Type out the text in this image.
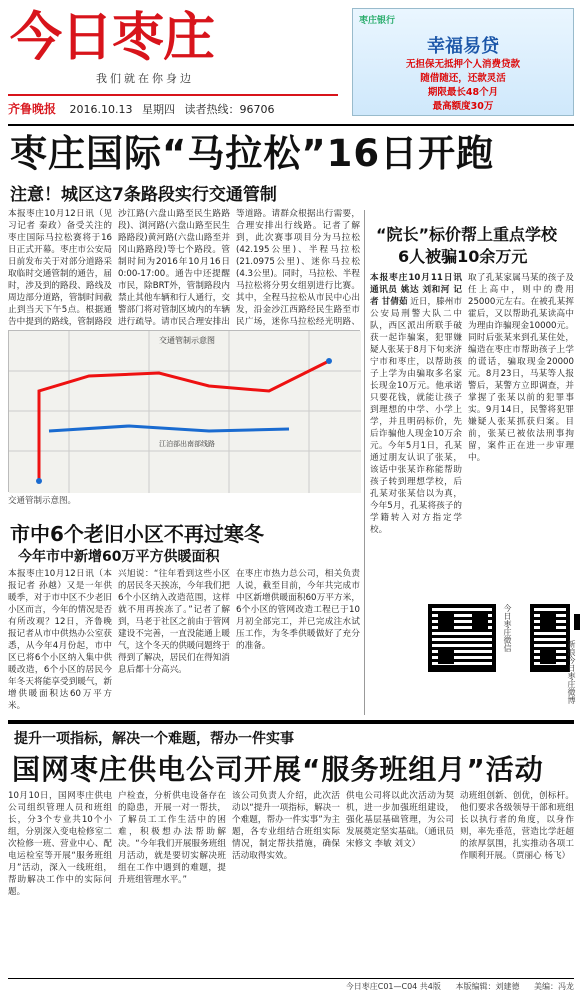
今日枣庄
我们就在你身边
齐鲁晚报 2016.10.13 星期四 读者热线：96706
枣庄银行
幸福易贷
无担保无抵押个人消费贷款
随借随还，还款灵活
期限最长48个月
最高额度30万
枣庄国际“马拉松”16日开跑
注意！城区这7条路段实行交通管制
本报枣庄10月12日讯（见习记者 秦政）备受关注的枣庄国际马拉松赛将于16日正式开幕。枣庄市公安局日前发布关于对部分道路采取临时交通管制的通告，届时，涉及到的路段、路线及周边部分道路，管制时间截止到当天下午5点。根据通告中提到的路线，管制路段
沙江路(六盘山路至民生路路段)、浏河路(六盘山路至民生路路段)黄河路(六盘山路至并冈山路路段)等七个路段。管制时间为2016年10月16日0:00-17:00。通告中还提醒市民，除BRT外，管制路段内禁止其他车辆和行人通行，交警部门将对管制区域内的车辆进行疏导。请市民合理安排出
等道路。请群众根据出行需要，合理安排出行线路。记者了解到，此次赛事项目分为马拉松(42.195公里)、半程马拉松(21.0975公里)、迷你马拉松(4.3公里)。同时，马拉松、半程马拉松将分男女组别进行比赛。其中，全程马拉松从市民中心出发，沿金沙江西路经民生路至市民广场，迷你马拉松经光明路、
交通管制示意图
江泊部出南部线路
交通管制示意图。
“院长”标价帮上重点学校
6人被骗10余万元
本报枣庄10月11日讯 通讯员 姚达 刘和河 记者 甘倩茹 近日，滕州市公安局刑警大队二中队，西区派出所联手破获一起诈骗案，犯罪嫌疑人张某于8月下旬来济宁市和枣庄，以帮助孩子上学为由骗取多名家长现金10万元。他承诺只要花钱，就能让孩子到理想的中学、小学上学，并且明码标价，先后诈骗他人现金10万余元。今年5月1日，孔某通过朋友认识了张某，该话中张某诈称能帮助孩子转到理想学校，后孔某对张某信以为真，今年5月，孔某将孩子的学籍转入对方指定学校。
取了孔某家属马某的孩子及任上高中，则中的费用25000元左右。在被孔某挥霍后，又以帮助孔某读高中为理由诈骗现金10000元。同时后张某来到孔某住处，编造在枣庄市帮助孩子上学的谎话，骗取现金20000元。8月23日，马某等人报警后，某警方立即调查，并掌握了张某以前的犯罪事实。9月14日，民警将犯罪嫌疑人张某抓获归案。目前，张某已被依法刑事拘留，案件正在进一步审理中。
今日枣庄微信
新浪今日枣庄微博
市中6个老旧小区不再过寒冬
今年市中新增60万平方供暖面积
本报枣庄10月12日讯（本报记者 孙越）又是一年供暖季，对于市中区不少老旧小区而言，今年的情况是否有所改观？12日，齐鲁晚报记者从市中供热办公室获悉，从今年4月份起，市中区已将6个小区纳入集中供暖改造，6个小区的居民今年冬天将能享受到暖气，新增供暖面积达60万平方米。
兴旭说：“往年看到这些小区的居民冬天挨冻，今年我们把6个小区纳入改造范围，这样就不用再挨冻了。”记者了解到，马老于社区之前由于管网建设不完善，一直没能通上暖气，这个冬天的供暖问题终于得到了解决，居民们在得知消息后都十分高兴。
在枣庄市热力总公司，相关负责人说，截至目前，今年共完成市中区新增供暖面积60万平方米，6个小区的管网改造工程已于10月初全部完工，并已完成注水试压工作，为冬季供暖做好了充分的准备。
提升一项指标，解决一个难题，帮办一件实事
国网枣庄供电公司开展“服务班组月”活动
10月10日，国网枣庄供电公司组织管理人员和班组长，分3个专业共10个小组，分别深入变电检修室二次检修一班、营业中心、配电运检室等开展“服务班组月”活动，深入一线班组，帮助解决工作中的实际问题。
户检查，分析供电设备存在的隐患，开展一对一帮扶，了解员工工作生活中的困难，积极想办法帮助解决。“今年我们开展服务班组月活动，就是要切实解决班组在工作中遇到的难题，提升班组管理水平。”
该公司负责人介绍，此次活动以“提升一项指标，解决一个难题，帮办一件实事”为主题，各专业组结合班组实际情况，制定帮扶措施，确保活动取得实效。
供电公司将以此次活动为契机，进一步加强班组建设，强化基层基础管理，为公司发展奠定坚实基础。（通讯员 宋修文 李敏 刘文）
动班组创新、创优，创标杆。他们要求各级领导干部和班组长以执行者的角度，以身作则，率先垂范，营造比学赶超的浓厚氛围，扎实推动各项工作顺利开展。（贾丽心 杨飞）
今日枣庄C01—C04 共4版 本版编辑：刘建德 美编：冯龙
